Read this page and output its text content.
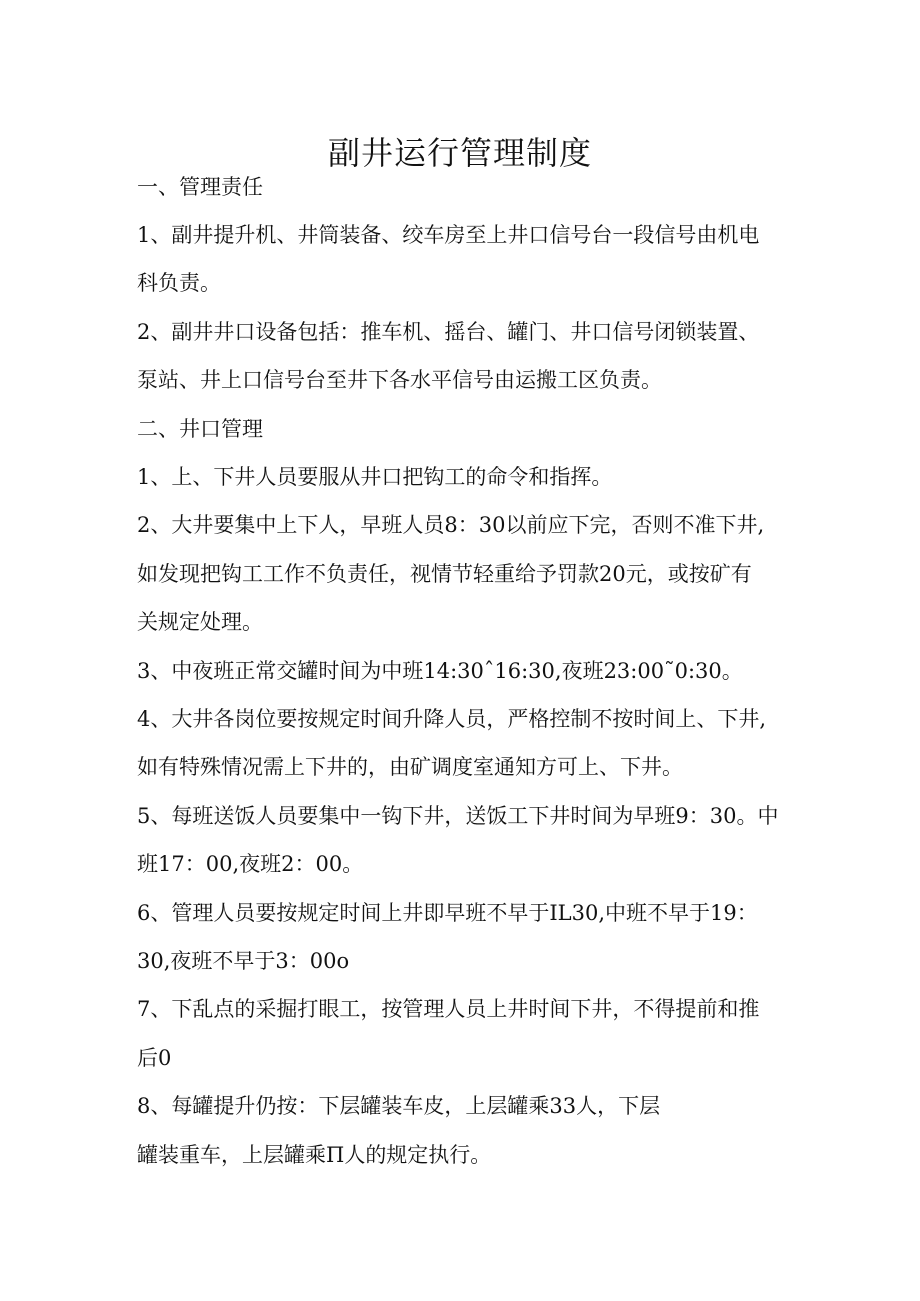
副井运行管理制度
一、管理责任
1、副井提升机、井筒装备、绞车房至上井口信号台一段信号由机电
科负责。
2、副井井口设备包括：推车机、摇台、罐门、井口信号闭锁装置、
泵站、井上口信号台至井下各水平信号由运搬工区负责。
二、井口管理
1、上、下井人员要服从井口把钩工的命令和指挥。
2、大井要集中上下人，早班人员8：30以前应下完，否则不准下井,
如发现把钩工工作不负责任，视情节轻重给予罚款20元，或按矿有
关规定处理。
3、中夜班正常交罐时间为中班14:30ˆ16:30,夜班23:00˜0:30。
4、大井各岗位要按规定时间升降人员，严格控制不按时间上、下井,
如有特殊情况需上下井的，由矿调度室通知方可上、下井。
5、每班送饭人员要集中一钩下井，送饭工下井时间为早班9：30。中
班17：00,夜班2：00。
6、管理人员要按规定时间上井即早班不早于IL30,中班不早于19：
30,夜班不早于3：00o
7、下乱点的采掘打眼工，按管理人员上井时间下井，不得提前和推
后0
8、每罐提升仍按：下层罐装车皮，上层罐乘33人，下层
罐装重车，上层罐乘Π人的规定执行。
